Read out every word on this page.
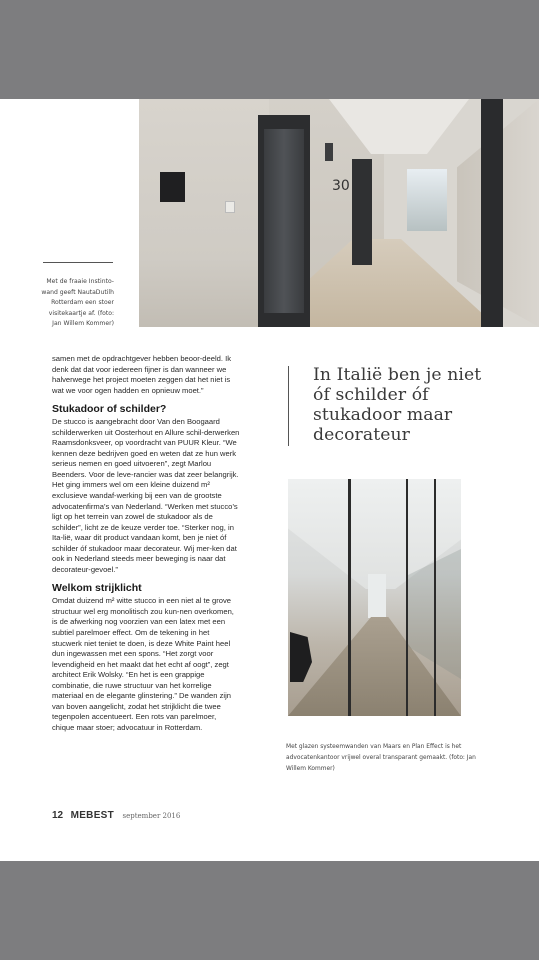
30
Met de fraaie Instinto-wand geeft NautaDutilh Rotterdam een stoer visitekaartje af. (foto: Jan Willem Kommer)

samen met de opdrachtgever hebben beoor-deeld. Ik denk dat dat voor iedereen fijner is dan wanneer we halverwege het project moeten zeggen dat het niet is wat we voor ogen hadden en opnieuw moet.”

Stukadoor of schilder?

De stucco is aangebracht door Van den Boogaard schilderwerken uit Oosterhout en Allure schil-derwerken Raamsdonksveer, op voordracht van PUUR Kleur. “We kennen deze bedrijven goed en weten dat ze hun werk serieus nemen en goed uitvoeren”, zegt Marlou Beenders. Voor de leve-rancier was dat zeer belangrijk. Het ging immers wel om een kleine duizend m² exclusieve wandaf-werking bij een van de grootste advocatenfirma’s van Nederland. “Werken met stucco’s ligt op het terrein van zowel de stukadoor als de schilder”, licht ze de keuze verder toe. “Sterker nog, in Ita-lië, waar dit product vandaan komt, ben je niet óf schilder óf stukadoor maar decorateur. Wij mer-ken dat ook in Nederland steeds meer beweging is naar dat decorateur-gevoel.”

Welkom strijklicht

Omdat duizend m² witte stucco in een niet al te grove structuur wel erg monolitisch zou kun-nen overkomen, is de afwerking nog voorzien van een latex met een subtiel parelmoer effect. Om de tekening in het stucwerk niet teniet te doen, is deze White Paint heel dun ingewassen met een spons. “Het zorgt voor levendigheid en het maakt dat het echt af oogt”, zegt architect Erik Wolsky. “En het is een grappige combinatie, die ruwe structuur van het korrelige materiaal en de elegante glinstering.” De wanden zijn van boven aangelicht, zodat het strijklicht die twee tegenpolen accentueert. Een rots van parelmoer, chique maar stoer; advocatuur in Rotterdam.

In Italië ben je niet óf schilder óf stukadoor maar decorateur
Met glazen systeemwanden van Maars en Plan Effect is het advocatenkantoor vrijwel overal transparant gemaakt. (foto: Jan Willem Kommer)
12 MEBEST september 2016
